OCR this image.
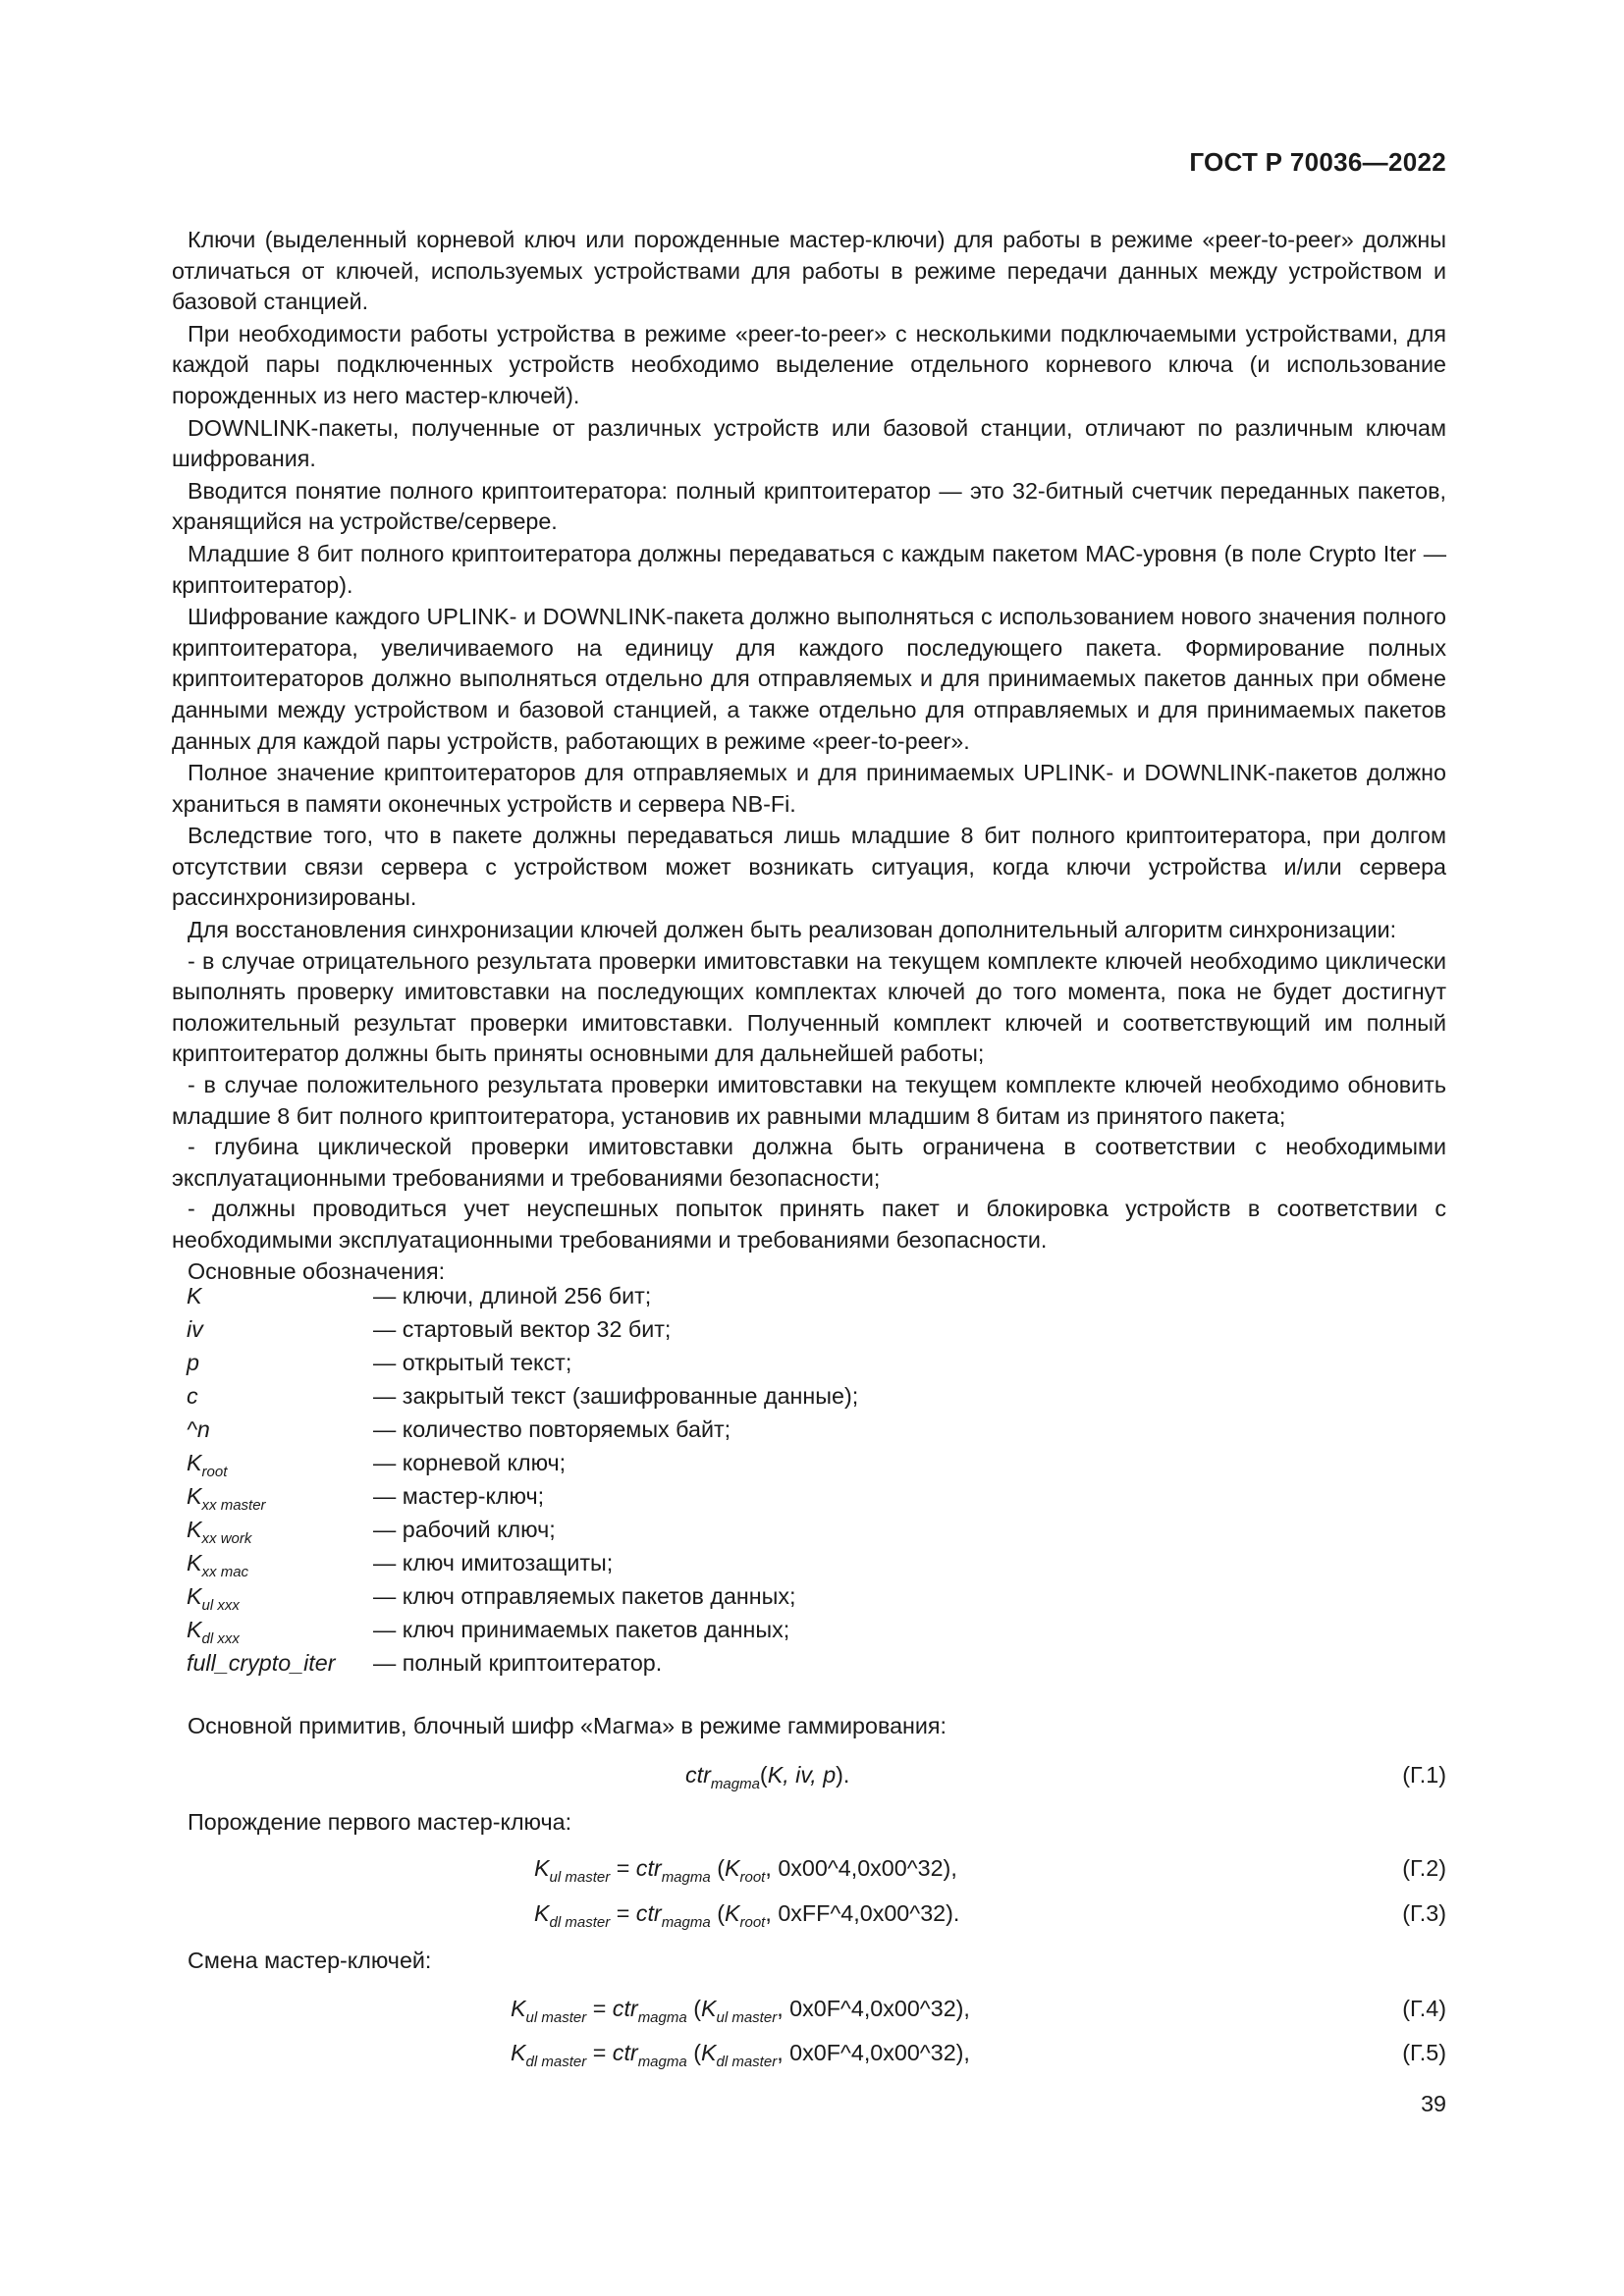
ГОСТ Р 70036—2022

Ключи (выделенный корневой ключ или порожденные мастер-ключи) для работы в режиме «peer-to-peer» должны отличаться от ключей, используемых устройствами для работы в режиме передачи данных между устройством и базовой станцией.

При необходимости работы устройства в режиме «peer-to-peer» с несколькими подключаемыми устройствами, для каждой пары подключенных устройств необходимо выделение отдельного корневого ключа (и использование порожденных из него мастер-ключей).

DOWNLINK-пакеты, полученные от различных устройств или базовой станции, отличают по различным ключам шифрования.

Вводится понятие полного криптоитератора: полный криптоитератор — это 32-битный счетчик переданных пакетов, хранящийся на устройстве/сервере.

Младшие 8 бит полного криптоитератора должны передаваться с каждым пакетом МАС-уровня (в поле Crypto Iter — криптоитератор).

Шифрование каждого UPLINK- и DOWNLINK-пакета должно выполняться с использованием нового значения полного криптоитератора, увеличиваемого на единицу для каждого последующего пакета. Формирование полных криптоитераторов должно выполняться отдельно для отправляемых и для принимаемых пакетов данных при обмене данными между устройством и базовой станцией, а также отдельно для отправляемых и для принимаемых пакетов данных для каждой пары устройств, работающих в режиме «peer-to-peer».

Полное значение криптоитераторов для отправляемых и для принимаемых UPLINK- и DOWNLINK-пакетов должно храниться в памяти оконечных устройств и сервера NB-Fi.

Вследствие того, что в пакете должны передаваться лишь младшие 8 бит полного криптоитератора, при долгом отсутствии связи сервера с устройством может возникать ситуация, когда ключи устройства и/или сервера рассинхронизированы.

Для восстановления синхронизации ключей должен быть реализован дополнительный алгоритм синхронизации:

- в случае отрицательного результата проверки имитовставки на текущем комплекте ключей необходимо циклически выполнять проверку имитовставки на последующих комплектах ключей до того момента, пока не будет достигнут положительный результат проверки имитовставки. Полученный комплект ключей и соответствующий им полный криптоитератор должны быть приняты основными для дальнейшей работы;

- в случае положительного результата проверки имитовставки на текущем комплекте ключей необходимо обновить младшие 8 бит полного криптоитератора, установив их равными младшим 8 битам из принятого пакета;

- глубина циклической проверки имитовставки должна быть ограничена в соответствии с необходимыми эксплуатационными требованиями и требованиями безопасности;

- должны проводиться учет неуспешных попыток принять пакет и блокировка устройств в соответствии с необходимыми эксплуатационными требованиями и требованиями безопасности.

Основные обозначения:

K	— ключи, длиной 256 бит;
iv	— стартовый вектор 32 бит;
p	— открытый текст;
c	— закрытый текст (зашифрованные данные);
^n	— количество повторяемых байт;
$K_{root}$	— корневой ключ;
$K_{xx master}$	— мастер-ключ;
$K_{xx work}$	— рабочий ключ;
$K_{xx mac}$	— ключ имитозащиты;
$K_{ul xxx}$	— ключ отправляемых пакетов данных;
$K_{dl xxx}$	— ключ принимаемых пакетов данных;
full_crypto_iter — полный криптоитератор.
Основной примитив, блочный шифр «Магма» в режиме гаммирования:
ctr$_{magma}$(K, iv, p).	(Г.1)
Порождение первого мастер-ключа:
$K_{ul master} = ctr_{magma}$ ($K_{root}$, 0x00^4,0x00^32),	(Г.2)
$K_{dl master} = ctr_{magma}$ ($K_{root}$, 0xFF^4,0x00^32).	(Г.3)
Смена мастер-ключей:
$K_{ul master} = ctr_{magma}$ ($K_{ul master}$, 0x0F^4,0x00^32),	(Г.4)
$K_{dl master} = ctr_{magma}$ ($K_{dl master}$, 0x0F^4,0x00^32),	(Г.5)
39
